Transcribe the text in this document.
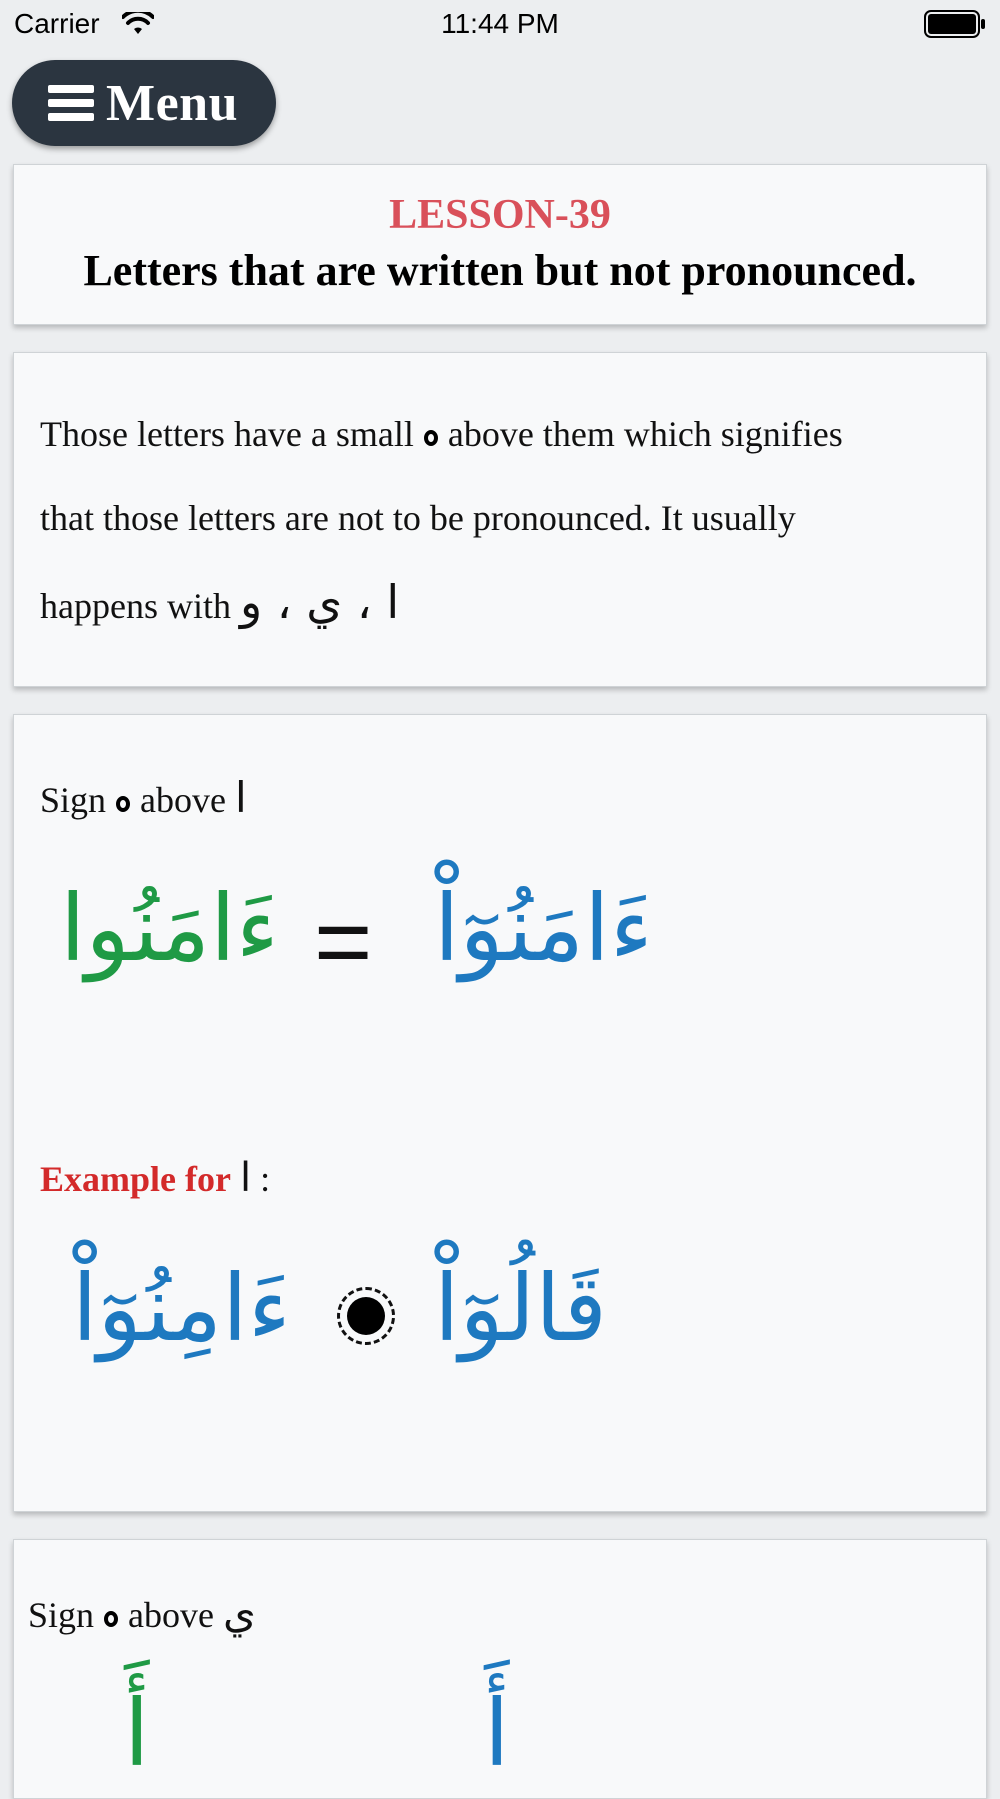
Carrier	11:44 PM
Menu
LESSON-39
Letters that are written but not pronounced.
Those letters have a small above them which signifies
that those letters are not to be pronounced. It usually
happens with ا ، ي ، و
Sign above ا
ءَامَنُوا = ءَامَنُوٓاْ
Example for ا :
ءَامِنُوٓاْ قَالُوٓاْ
Sign above ي
أَ	أَ
